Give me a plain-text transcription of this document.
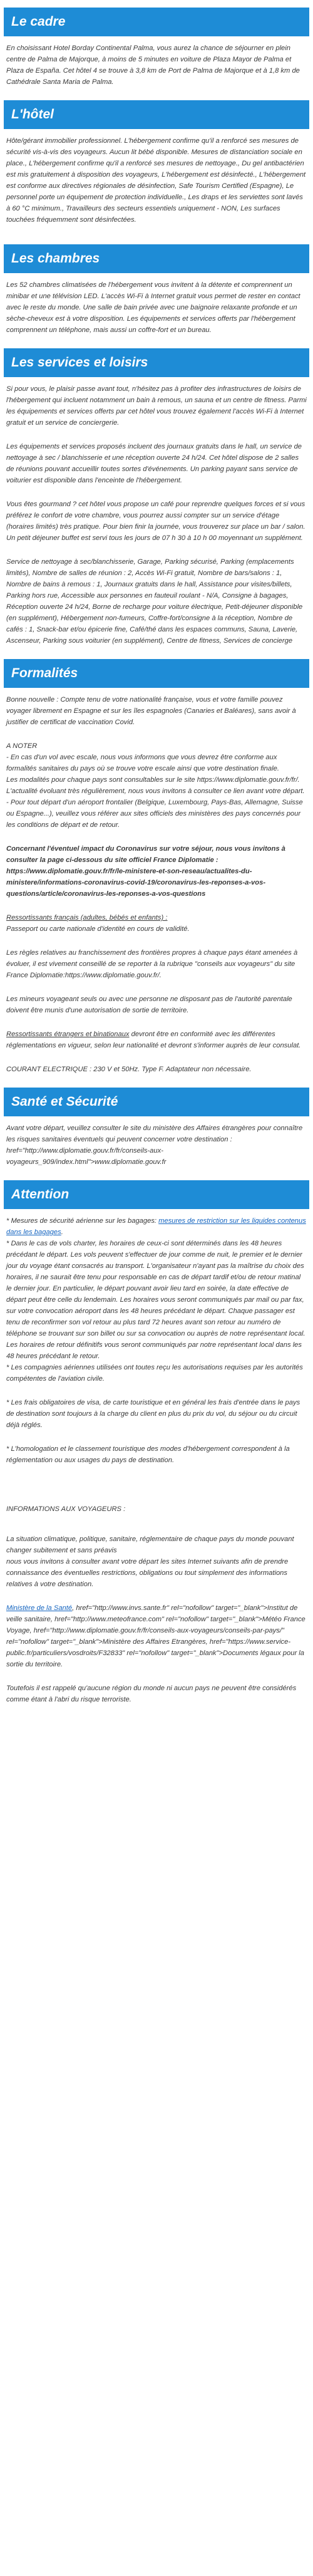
Le cadre

En choisissant Hotel Borday Continental Palma, vous aurez la chance de séjourner en plein centre de Palma de Majorque, à moins de 5 minutes en voiture de Plaza Mayor de Palma et Plaza de España. Cet hôtel 4 se trouve à 3,8 km de Port de Palma de Majorque et à 1,8 km de Cathédrale Santa Maria de Palma.

L'hôtel

Hôte/gérant immobilier professionnel. L'hébergement confirme qu'il a renforcé ses mesures de sécurité vis-à-vis des voyageurs. Aucun lit bébé disponible. Mesures de distanciation sociale en place., L'hébergement confirme qu'il a renforcé ses mesures de nettoyage., Du gel antibactérien est mis gratuitement à disposition des voyageurs, L'hébergement est désinfecté., L'hébergement est conforme aux directives régionales de désinfection, Safe Tourism Certified (Espagne), Le personnel porte un équipement de protection individuelle., Les draps et les serviettes sont lavés à 60 °C minimum., Travailleurs des secteurs essentiels uniquement - NON, Les surfaces touchées fréquemment sont désinfectées.

Les chambres

Les 52 chambres climatisées de l'hébergement vous invitent à la détente et comprennent un minibar et une télévision LED. L'accès Wi-Fi à Internet gratuit vous permet de rester en contact avec le reste du monde. Une salle de bain privée avec une baignoire relaxante profonde et un sèche-cheveux est à votre disposition. Les équipements et services offerts par l'hébergement comprennent un téléphone, mais aussi un coffre-fort et un bureau.

Les services et loisirs

Si pour vous, le plaisir passe avant tout, n'hésitez pas à profiter des infrastructures de loisirs de l'hébergement qui incluent notamment un bain à remous, un sauna et un centre de fitness. Parmi les équipements et services offerts par cet hôtel vous trouvez également l'accès Wi-Fi à Internet gratuit et un service de conciergerie.

Les équipements et services proposés incluent des journaux gratuits dans le hall, un service de nettoyage à sec / blanchisserie et une réception ouverte 24 h/24. Cet hôtel dispose de 2 salles de réunions pouvant accueillir toutes sortes d'événements. Un parking payant sans service de voiturier est disponible dans l'enceinte de l'hébergement.

Vous êtes gourmand ? cet hôtel vous propose un café pour reprendre quelques forces et si vous préférez le confort de votre chambre, vous pourrez aussi compter sur un service d'étage (horaires limités) très pratique. Pour bien finir la journée, vous trouverez sur place un bar / salon. Un petit déjeuner buffet est servi tous les jours de 07 h 30 à 10 h 00 moyennant un supplément.

Service de nettoyage à sec/blanchisserie, Garage, Parking sécurisé, Parking (emplacements limités), Nombre de salles de réunion : 2, Accès Wi-Fi gratuit, Nombre de bars/salons : 1, Nombre de bains à remous : 1, Journaux gratuits dans le hall, Assistance pour visites/billets, Parking hors rue, Accessible aux personnes en fauteuil roulant - N/A, Consigne à bagages, Réception ouverte 24 h/24, Borne de recharge pour voiture électrique, Petit-déjeuner disponible (en supplément), Hébergement non-fumeurs, Coffre-fort/consigne à la réception, Nombre de cafés : 1, Snack-bar et/ou épicerie fine, Café/thé dans les espaces communs, Sauna, Laverie, Ascenseur, Parking sous voiturier (en supplément), Centre de fitness, Services de concierge

Formalités

Bonne nouvelle : Compte tenu de votre nationalité française, vous et votre famille pouvez voyager librement en Espagne et sur les îles espagnoles (Canaries et Baléares), sans avoir à justifier de certificat de vaccination Covid.

A NOTER

- En cas d'un vol avec escale, nous vous informons que vous devrez être conforme aux formalités sanitaires du pays où se trouve votre escale ainsi que votre destination finale.
Les modalités pour chaque pays sont consultables sur le site https://www.diplomatie.gouv.fr/fr/. L'actualité évoluant très régulièrement, nous vous invitons à consulter ce lien avant votre départ.
- Pour tout départ d'un aéroport frontalier (Belgique, Luxembourg, Pays-Bas, Allemagne, Suisse ou Espagne...), veuillez vous référer aux sites officiels des ministères des pays concernés pour les conditions de départ et de retour.

Concernant l'éventuel impact du Coronavirus sur votre séjour, nous vous invitons à consulter la page ci-dessous du site officiel France Diplomatie : https://www.diplomatie.gouv.fr/fr/le-ministere-et-son-reseau/actualites-du-ministere/informations-coronavirus-covid-19/coronavirus-les-reponses-a-vos-questions/article/coronavirus-les-reponses-a-vos-questions

Ressortissants français (adultes, bébés et enfants) :

Passeport ou carte nationale d'identité en cours de validité.

Les règles relatives au franchissement des frontières propres à chaque pays étant amenées à évoluer, il est vivement conseillé de se reporter à la rubrique "conseils aux voyageurs" du site France Diplomatie:https://www.diplomatie.gouv.fr/.

Les mineurs voyageant seuls ou avec une personne ne disposant pas de l'autorité parentale doivent être munis d'une autorisation de sortie de territoire.

Ressortissants étrangers et binationaux devront être en conformité avec les différentes réglementations en vigueur, selon leur nationalité et devront s'informer auprès de leur consulat.

COURANT ELECTRIQUE : 230 V et 50Hz. Type F. Adaptateur non nécessaire.

Santé et Sécurité

Avant votre départ, veuillez consulter le site du ministère des Affaires étrangères pour connaître les risques sanitaires éventuels qui peuvent concerner votre destination : href="http://www.diplomatie.gouv.fr/fr/conseils-aux-voyageurs_909/index.html">www.diplomatie.gouv.fr

Attention

* Mesures de sécurité aérienne sur les bagages: mesures de restriction sur les liquides contenus dans les bagages.
* Dans le cas de vols charter, les horaires de ceux-ci sont déterminés dans les 48 heures précédant le départ. Les vols peuvent s'effectuer de jour comme de nuit, le premier et le dernier jour du voyage étant consacrés au transport. L'organisateur n'ayant pas la maîtrise du choix des horaires, il ne saurait être tenu pour responsable en cas de départ tardif et/ou de retour matinal le dernier jour. En particulier, le départ pouvant avoir lieu tard en soirée, la date effective de départ peut être celle du lendemain. Les horaires vous seront communiqués par mail ou par fax, sur votre convocation aéroport dans les 48 heures précédant le départ. Chaque passager est tenu de reconfirmer son vol retour au plus tard 72 heures avant son retour au numéro de téléphone se trouvant sur son billet ou sur sa convocation ou auprès de notre représentant local. Les horaires de retour définitifs vous seront communiqués par notre représentant local dans les 48 heures précédant le retour.
* Les compagnies aériennes utilisées ont toutes reçu les autorisations requises par les autorités compétentes de l'aviation civile.

* Les frais obligatoires de visa, de carte touristique et en général les frais d'entrée dans le pays de destination sont toujours à la charge du client en plus du prix du vol, du séjour ou du circuit déjà réglés.

* L'homologation et le classement touristique des modes d'hébergement correspondent à la réglementation ou aux usages du pays de destination.

INFORMATIONS AUX VOYAGEURS :

La situation climatique, politique, sanitaire, réglementaire de chaque pays du monde pouvant changer subitement et sans préavis
nous vous invitons à consulter avant votre départ les sites Internet suivants afin de prendre connaissance des éventuelles restrictions, obligations ou tout simplement des informations relatives à votre destination.

Ministère de la Santé, href="http://www.invs.sante.fr" rel="nofollow" target="_blank">Institut de veille sanitaire, href="http://www.meteofrance.com" rel="nofollow" target="_blank">Météo France Voyage, href="http://www.diplomatie.gouv.fr/fr/conseils-aux-voyageurs/conseils-par-pays/" rel="nofollow" target="_blank">Ministère des Affaires Etrangères, href="https://www.service-public.fr/particuliers/vosdroits/F32833" rel="nofollow" target="_blank">Documents légaux pour la sortie du territoire.

Toutefois il est rappelé qu'aucune région du monde ni aucun pays ne peuvent être considérés comme étant à l'abri du risque terroriste.
